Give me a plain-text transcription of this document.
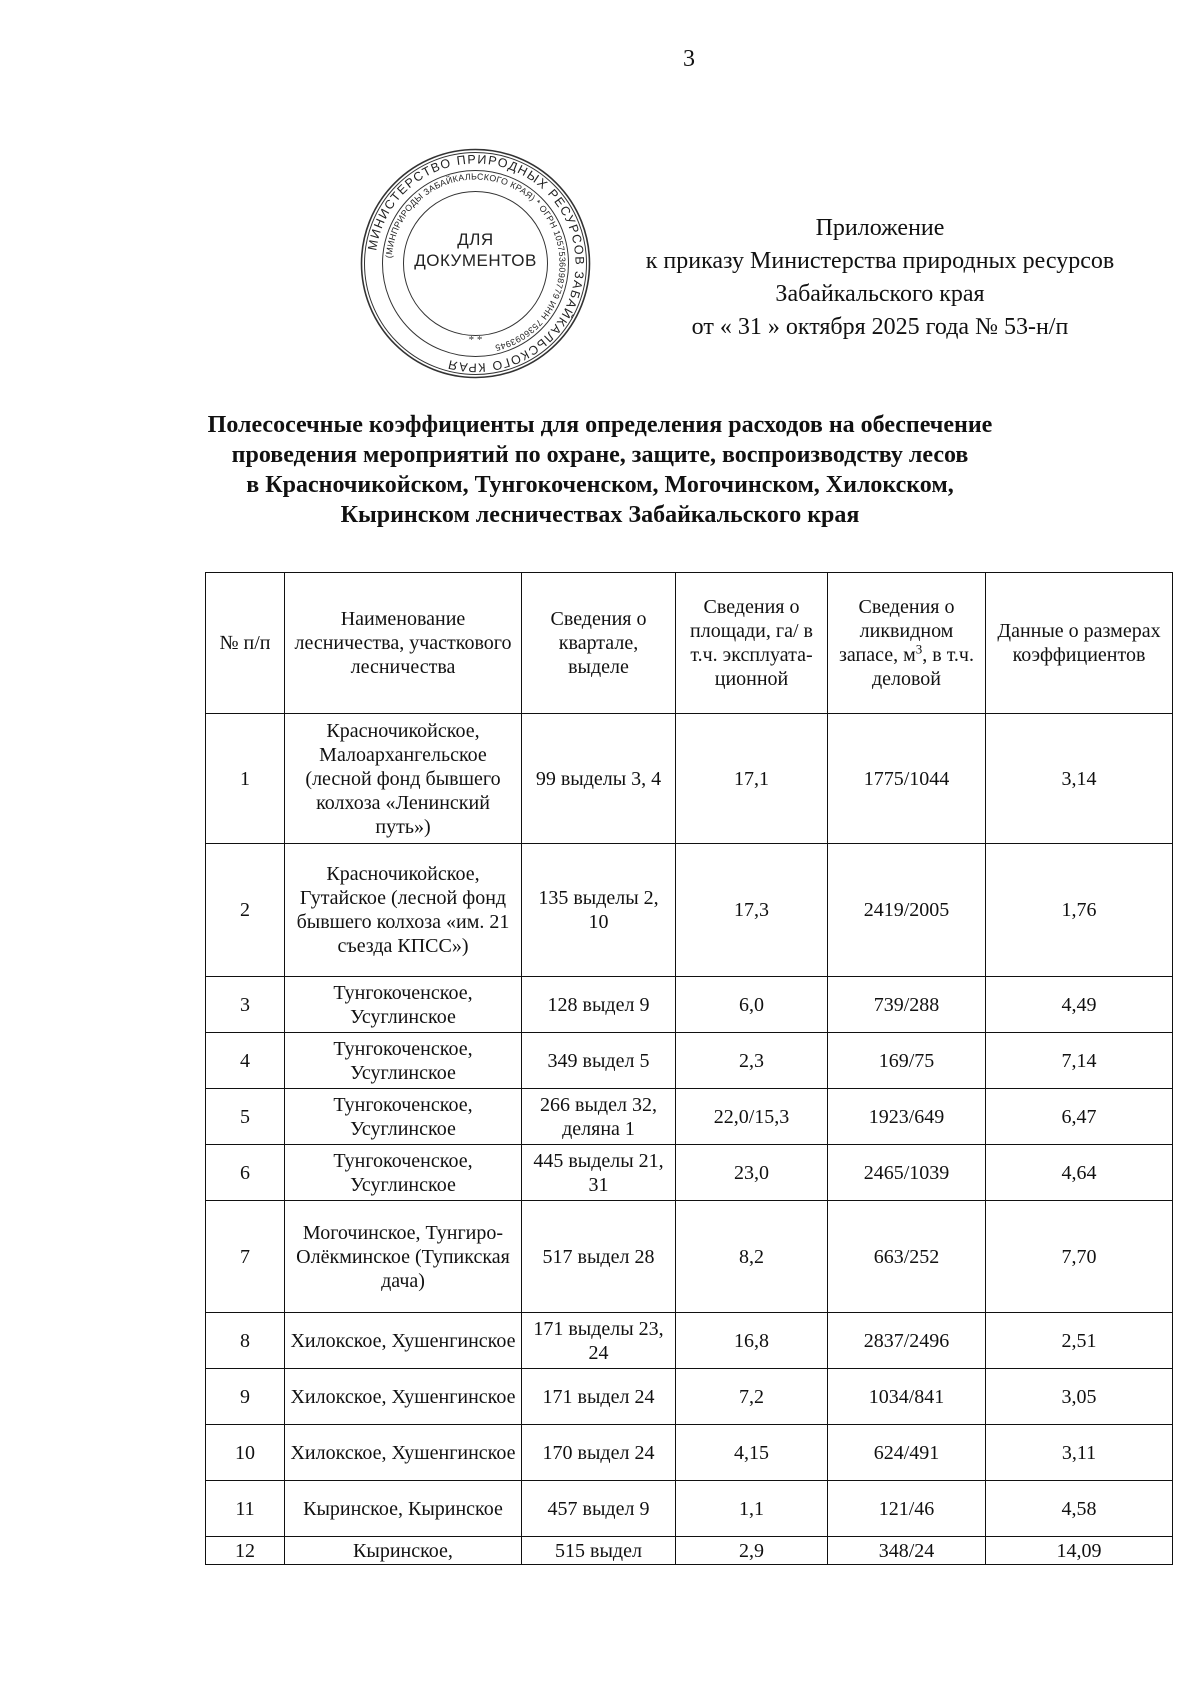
3
МИНИСТЕРСТВО ПРИРОДНЫХ РЕСУРСОВ ЗАБАЙКАЛЬСКОГО КРАЯ
(МИНПРИРОДЫ ЗАБАЙКАЛЬСКОГО КРАЯ) * ОГРН 1057536098779 ИНН 7536093945
* *
ДЛЯ
ДОКУМЕНТОВ
Приложение
к приказу Министерства природных ресурсов
Забайкальского края
от « 31 » октября 2025 года № 53-н/п
Полесосечные коэффициенты для определения расходов на обеспечение
проведения мероприятий по охране, защите, воспроизводству лесов
в Красночикойском, Тунгокоченском, Могочинском, Хилокском,
Кыринском лесничествах Забайкальского края
№ п/п	Наименование лесничества, участкового лесничества	Сведения о квартале, выделе	Сведения о площади, га/ в т.ч. эксплуата-ционной	Сведения о ликвидном запасе, $м^3$, в т.ч. деловой	Данные о размерах коэффициентов
1	Красночикойское, Малоархангельское (лесной фонд бывшего колхоза «Ленинский путь»)	99 выделы 3, 4	17,1	1775/1044	3,14
2	Красночикойское, Гутайское (лесной фонд бывшего колхоза «им. 21 съезда КПСС»)	135 выделы 2, 10	17,3	2419/2005	1,76
3	Тунгокоченское, Усуглинское	128 выдел 9	6,0	739/288	4,49
4	Тунгокоченское, Усуглинское	349 выдел 5	2,3	169/75	7,14
5	Тунгокоченское, Усуглинское	266 выдел 32, деляна 1	22,0/15,3	1923/649	6,47
6	Тунгокоченское, Усуглинское	445 выделы 21, 31	23,0	2465/1039	4,64
7	Могочинское, Тунгиро-Олёкминское (Тупикская дача)	517 выдел 28	8,2	663/252	7,70
8	Хилокское, Хушенгинское	171 выделы 23, 24	16,8	2837/2496	2,51
9	Хилокское, Хушенгинское	171 выдел 24	7,2	1034/841	3,05
10	Хилокское, Хушенгинское	170 выдел 24	4,15	624/491	3,11
11	Кыринское, Кыринское	457 выдел 9	1,1	121/46	4,58
12	Кыринское,	515 выдел	2,9	348/24	14,09
